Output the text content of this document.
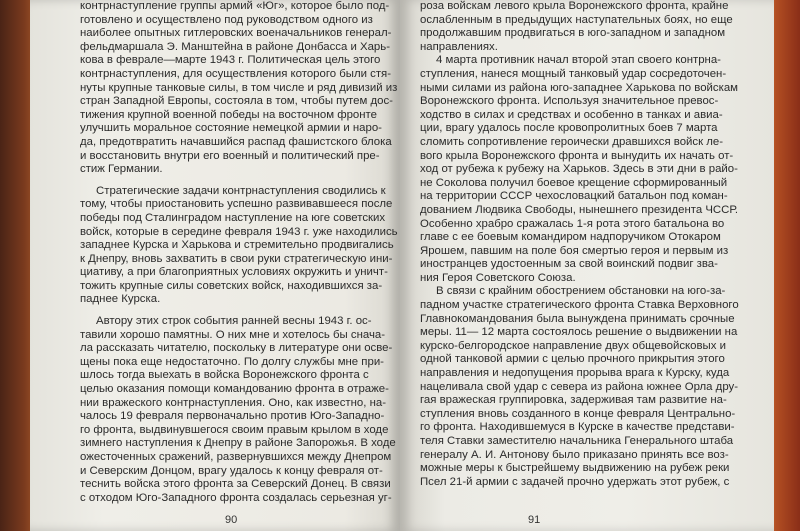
контрнаступление группы армий «Юг», которое было под-
готовлено и осуществлено под руководством одного из
наиболее опытных гитлеровских военачальников генерал-
фельдмаршала Э. Манштейна в районе Донбасса и Харь-
кова в феврале—марте 1943 г. Политическая цель этого
контрнаступления, для осуществления которого были стя-
нуты крупные танковые силы, в том числе и ряд дивизий из
стран Западной Европы, состояла в том, чтобы путем дос-
тижения крупной военной победы на восточном фронте
улучшить моральное состояние немецкой армии и наро-
да, предотвратить начавшийся распад фашистского блока
и восстановить внутри его военный и политический пре-
стиж Германии.
Стратегические задачи контрнаступления сводились к
тому, чтобы приостановить успешно развивавшееся после
победы под Сталинградом наступление на юге советских
войск, которые в середине февраля 1943 г. уже находились
западнее Курска и Харькова и стремительно продвигались
к Днепру, вновь захватить в свои руки стратегическую ини-
циативу, а при благоприятных условиях окружить и уничт-
тожить крупные силы советских войск, находившихся за-
паднее Курска.
Автору этих строк события ранней весны 1943 г. ос-
тавили хорошо памятны. О них мне и хотелось бы снача-
ла рассказать читателю, поскольку в литературе они осве-
щены пока еще недостаточно. По долгу службы мне при-
шлось тогда выехать в войска Воронежского фронта с
целью оказания помощи командованию фронта в отраже-
нии вражеского контрнаступления. Оно, как известно, на-
чалось 19 февраля первоначально против Юго-Западно-
го фронта, выдвинувшегося своим правым крылом в ходе
зимнего наступления к Днепру в районе Запорожья. В ходе
ожесточенных сражений, развернувшихся между Днепром
и Северским Донцом, врагу удалось к концу февраля от-
теснить войска этого фронта за Северский Донец. В связи
с отходом Юго-Западного фронта создалась серьезная уг-
90
роза войскам левого крыла Воронежского фронта, крайне
ослабленным в предыдущих наступательных боях, но еще
продолжавшим продвигаться в юго-западном и западном
направлениях.
4 марта противник начал второй этап своего контрна-
ступления, нанеся мощный танковый удар сосредоточен-
ными силами из района юго-западнее Харькова по войскам
Воронежского фронта. Используя значительное превос-
ходство в силах и средствах и особенно в танках и авиа-
ции, врагу удалось после кровопролитных боев 7 марта
сломить сопротивление героически дравшихся войск ле-
вого крыла Воронежского фронта и вынудить их начать от-
ход от рубежа к рубежу на Харьков. Здесь в эти дни в райо-
не Соколова получил боевое крещение сформированный
на территории СССР чехословацкий батальон под коман-
дованием Людвика Свободы, нынешнего президента ЧССР.
Особенно храбро сражалась 1-я рота этого батальона во
главе с ее боевым командиром надпоручиком Отокаром
Ярошем, павшим на поле боя смертью героя и первым из
иностранцев удостоенным за свой воинский подвиг зва-
ния Героя Советского Союза.
В связи с крайним обострением обстановки на юго-за-
падном участке стратегического фронта Ставка Верховного
Главнокомандования была вынуждена принимать срочные
меры. 11— 12 марта состоялось решение о выдвижении на
курско-белгородское направление двух общевойсковых и
одной танковой армии с целью прочного прикрытия этого
направления и недопущения прорыва врага к Курску, куда
нацеливала свой удар с севера из района южнее Орла дру-
гая вражеская группировка, задерживая там развитие на-
ступления вновь созданного в конце февраля Центрально-
го фронта. Находившемуся в Курске в качестве представи-
теля Ставки заместителю начальника Генерального штаба
генералу А. И. Антонову было приказано принять все воз-
можные меры к быстрейшему выдвижению на рубеж реки
Псел 21-й армии с задачей прочно удержать этот рубеж, с
91
